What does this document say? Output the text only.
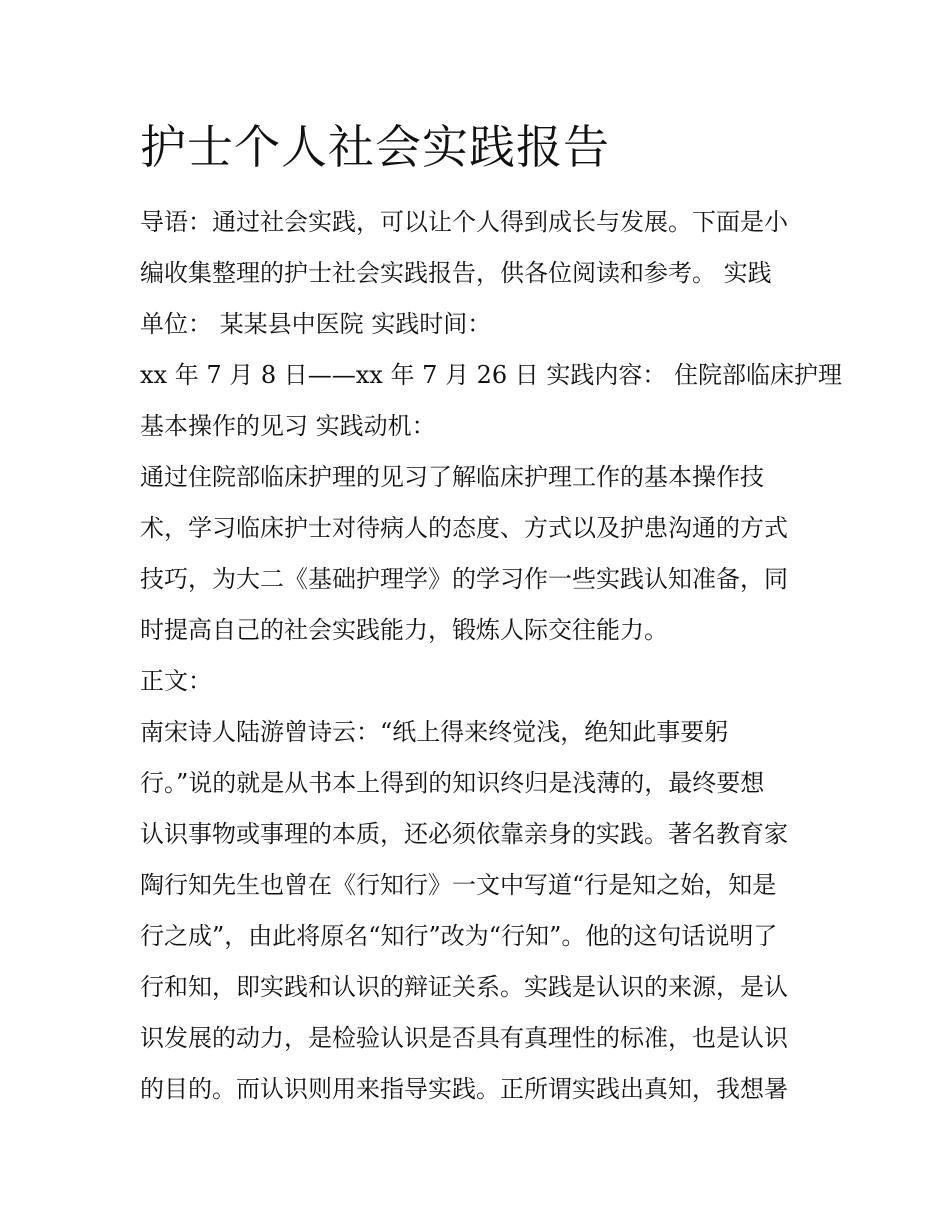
护士个人社会实践报告
导语：通过社会实践，可以让个人得到成长与发展。下面是小
编收集整理的护士社会实践报告，供各位阅读和参考。 实践
单位： 某某县中医院 实践时间：
xx 年 7 月 8 日——xx 年 7 月 26 日 实践内容： 住院部临床护理
基本操作的见习 实践动机：
通过住院部临床护理的见习了解临床护理工作的基本操作技
术，学习临床护士对待病人的态度、方式以及护患沟通的方式
技巧，为大二《基础护理学》的学习作一些实践认知准备，同
时提高自己的社会实践能力，锻炼人际交往能力。
正文：
南宋诗人陆游曾诗云：“纸上得来终觉浅，绝知此事要躬
行。”说的就是从书本上得到的知识终归是浅薄的，最终要想
认识事物或事理的本质，还必须依靠亲身的实践。著名教育家
陶行知先生也曾在《行知行》一文中写道“行是知之始，知是
行之成”，由此将原名“知行”改为“行知”。他的这句话说明了
行和知，即实践和认识的辩证关系。实践是认识的来源，是认
识发展的动力，是检验认识是否具有真理性的标准，也是认识
的目的。而认识则用来指导实践。正所谓实践出真知，我想暑
